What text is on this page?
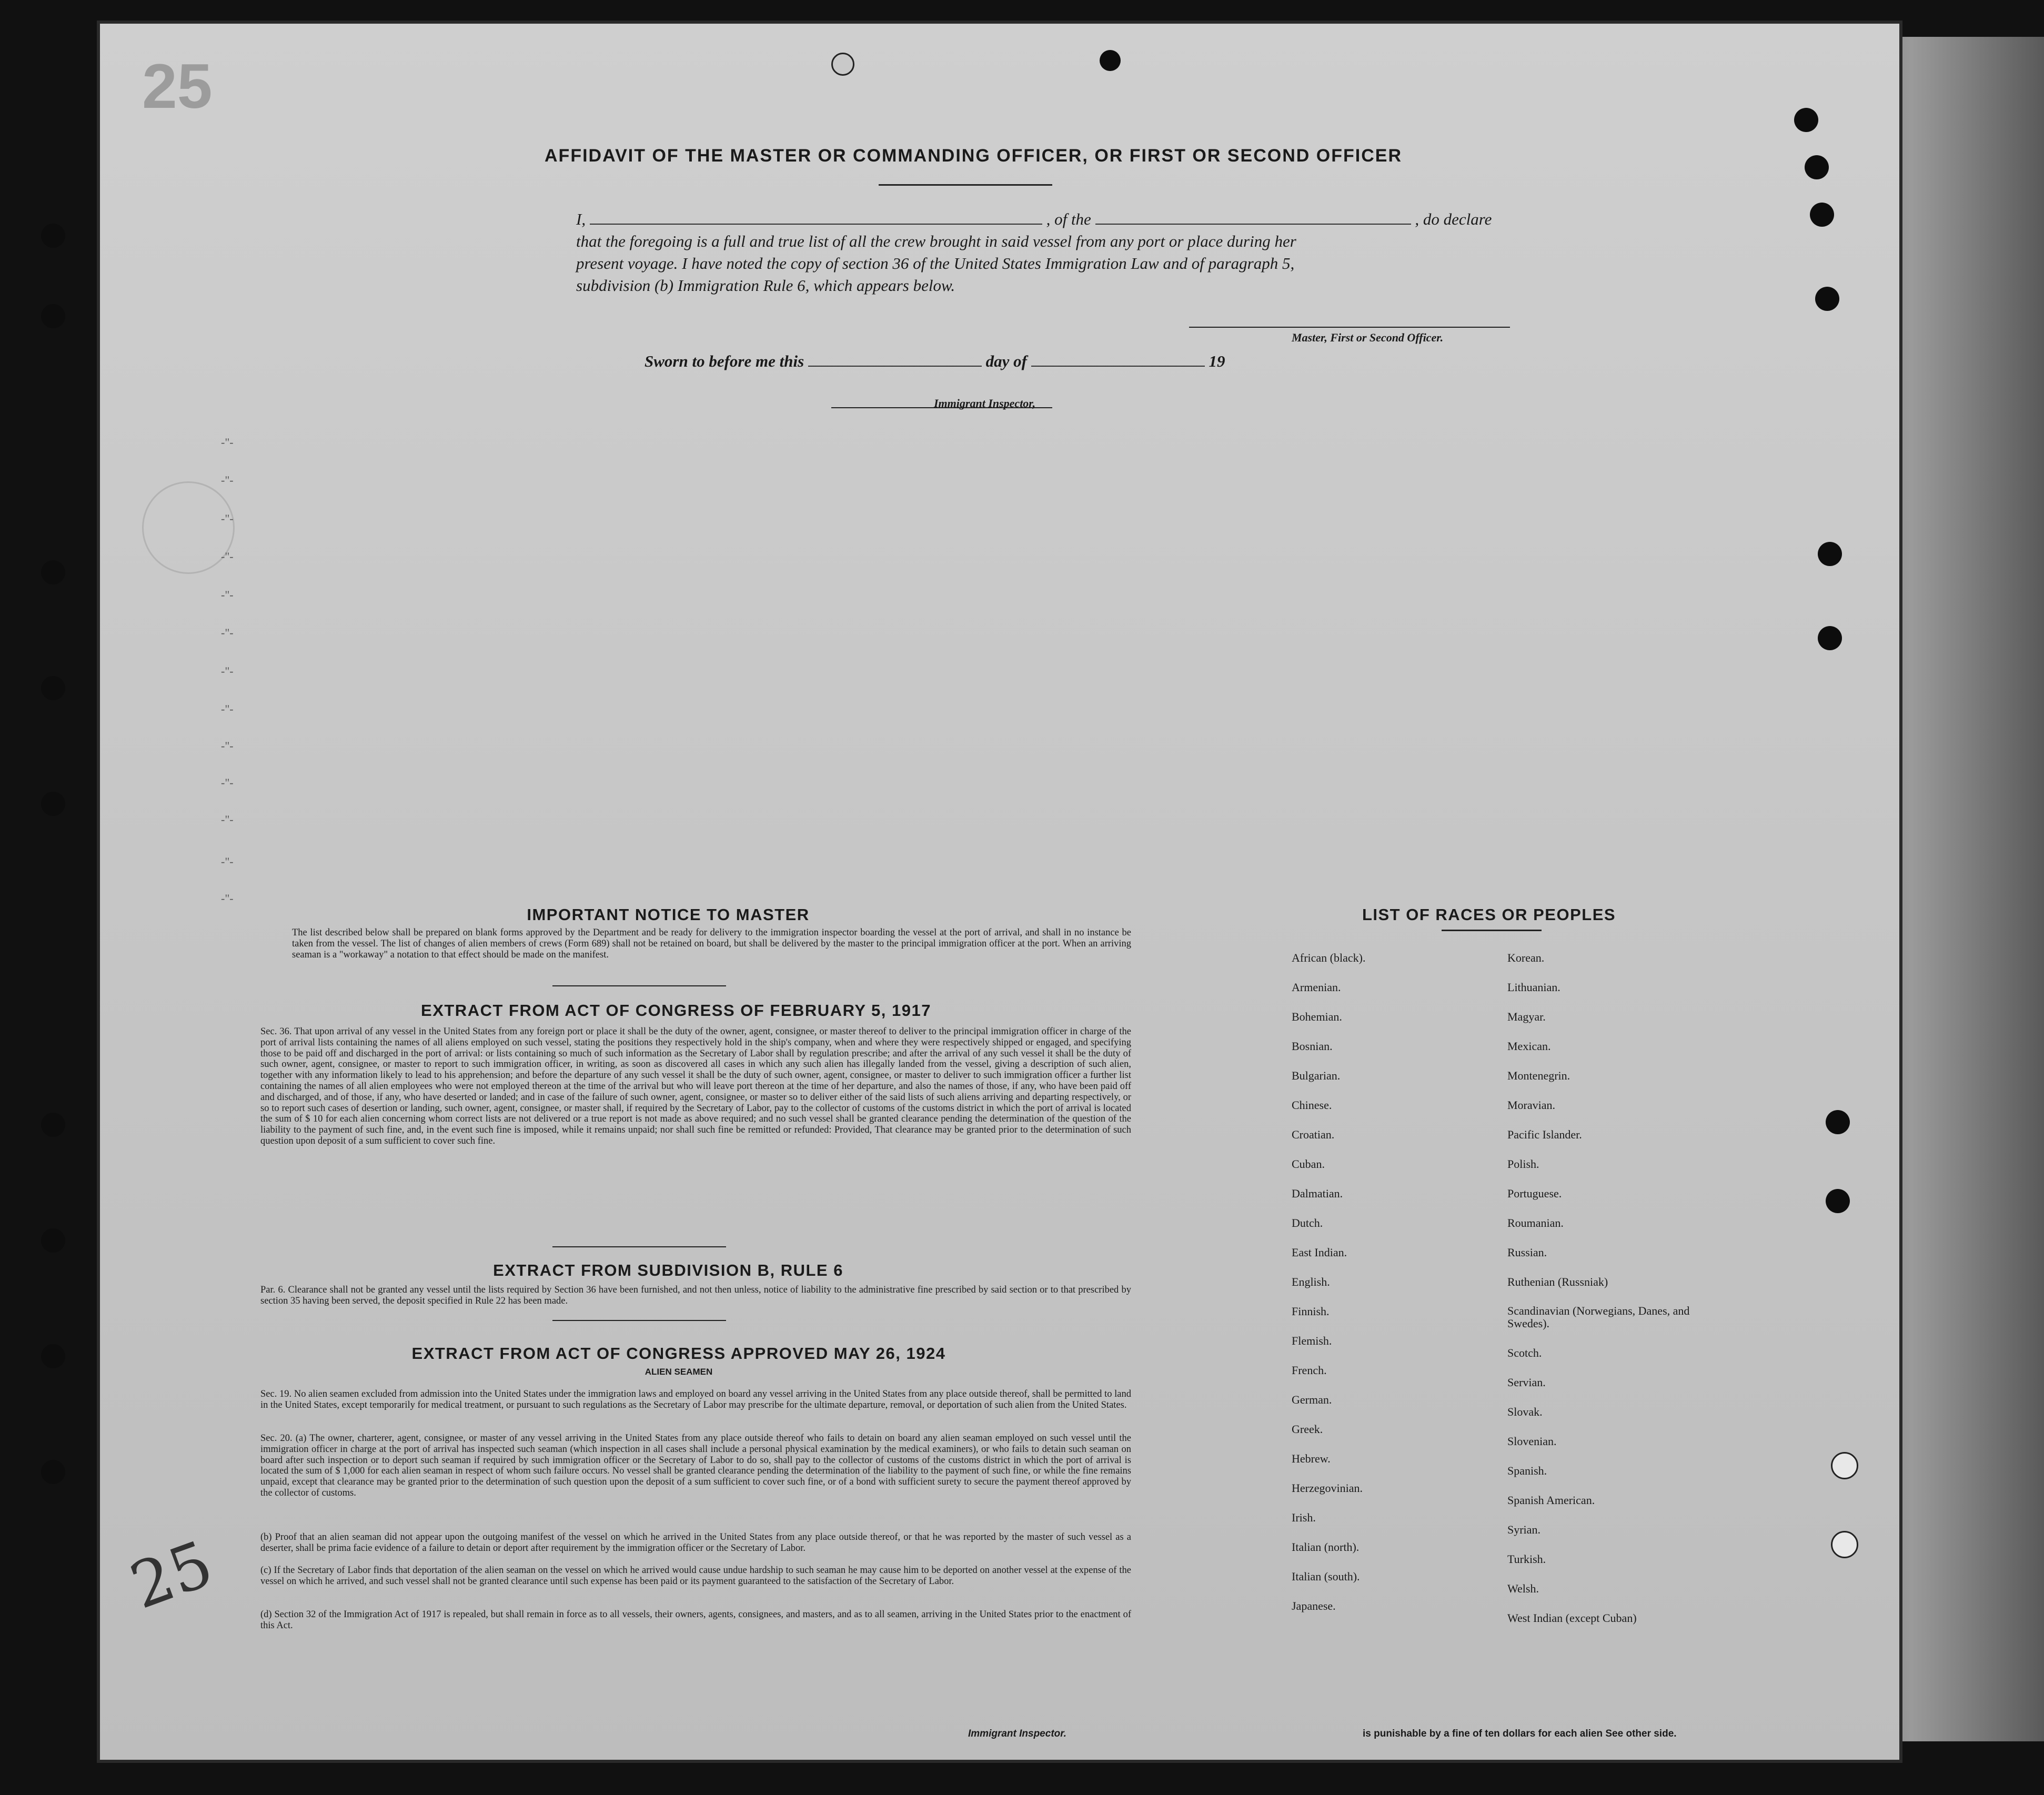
25

AFFIDAVIT OF THE MASTER OR COMMANDING OFFICER, OR FIRST OR SECOND OFFICER
I,	, of the	, do declare
that the foregoing is a full and true list of all the crew brought in said vessel from any port or place during her
present voyage. I have noted the copy of section 36 of the United States Immigration Law and of paragraph 5,
subdivision (b) Immigration Rule 6, which appears below.
Master, First or Second Officer.
Sworn to before me this	day of	19
Immigrant Inspector,
-"-
-"-
-"-
-"-
-"-
-"-
-"-
-"-
-"-
-"-
-"-
-"-
-"-
IMPORTANT NOTICE TO MASTER
The list described below shall be prepared on blank forms approved by the Department and be ready for delivery to the immigration inspector boarding the vessel at the port of arrival, and shall in no instance be taken from the vessel. The list of changes of alien members of crews (Form 689) shall not be retained on board, but shall be delivered by the master to the principal immigration officer at the port. When an arriving seaman is a "workaway" a notation to that effect should be made on the manifest.
EXTRACT FROM ACT OF CONGRESS OF FEBRUARY 5, 1917
Sec. 36. That upon arrival of any vessel in the United States from any foreign port or place it shall be the duty of the owner, agent, consignee, or master thereof to deliver to the principal immigration officer in charge of the port of arrival lists containing the names of all aliens employed on such vessel, stating the positions they respectively hold in the ship's company, when and where they were respectively shipped or engaged, and specifying those to be paid off and discharged in the port of arrival: or lists containing so much of such information as the Secretary of Labor shall by regulation prescribe; and after the arrival of any such vessel it shall be the duty of such owner, agent, consignee, or master to report to such immigration officer, in writing, as soon as discovered all cases in which any such alien has illegally landed from the vessel, giving a description of such alien, together with any information likely to lead to his apprehension; and before the departure of any such vessel it shall be the duty of such owner, agent, consignee, or master to deliver to such immigration officer a further list containing the names of all alien employees who were not employed thereon at the time of the arrival but who will leave port thereon at the time of her departure, and also the names of those, if any, who have been paid off and discharged, and of those, if any, who have deserted or landed; and in case of the failure of such owner, agent, consignee, or master so to deliver either of the said lists of such aliens arriving and departing respectively, or so to report such cases of desertion or landing, such owner, agent, consignee, or master shall, if required by the Secretary of Labor, pay to the collector of customs of the customs district in which the port of arrival is located the sum of $ 10 for each alien concerning whom correct lists are not delivered or a true report is not made as above required; and no such vessel shall be granted clearance pending the determination of the question of the liability to the payment of such fine, and, in the event such fine is imposed, while it remains unpaid; nor shall such fine be remitted or refunded: Provided, That clearance may be granted prior to the determination of such question upon deposit of a sum sufficient to cover such fine.
EXTRACT FROM SUBDIVISION B, RULE 6
Par. 6. Clearance shall not be granted any vessel until the lists required by Section 36 have been furnished, and not then unless, notice of liability to the administrative fine prescribed by said section or to that prescribed by section 35 having been served, the deposit specified in Rule 22 has been made.
EXTRACT FROM ACT OF CONGRESS APPROVED MAY 26, 1924
ALIEN SEAMEN
Sec. 19. No alien seamen excluded from admission into the United States under the immigration laws and employed on board any vessel arriving in the United States from any place outside thereof, shall be permitted to land in the United States, except temporarily for medical treatment, or pursuant to such regulations as the Secretary of Labor may prescribe for the ultimate departure, removal, or deportation of such alien from the United States.
Sec. 20. (a) The owner, charterer, agent, consignee, or master of any vessel arriving in the United States from any place outside thereof who fails to detain on board any alien seaman employed on such vessel until the immigration officer in charge at the port of arrival has inspected such seaman (which inspection in all cases shall include a personal physical examination by the medical examiners), or who fails to detain such seaman on board after such inspection or to deport such seaman if required by such immigration officer or the Secretary of Labor to do so, shall pay to the collector of customs of the customs district in which the port of arrival is located the sum of $ 1,000 for each alien seaman in respect of whom such failure occurs. No vessel shall be granted clearance pending the determination of the liability to the payment of such fine, or while the fine remains unpaid, except that clearance may be granted prior to the determination of such question upon the deposit of a sum sufficient to cover such fine, or of a bond with sufficient surety to secure the payment thereof approved by the collector of customs.
(b) Proof that an alien seaman did not appear upon the outgoing manifest of the vessel on which he arrived in the United States from any place outside thereof, or that he was reported by the master of such vessel as a deserter, shall be prima facie evidence of a failure to detain or deport after requirement by the immigration officer or the Secretary of Labor.
(c) If the Secretary of Labor finds that deportation of the alien seaman on the vessel on which he arrived would cause undue hardship to such seaman he may cause him to be deported on another vessel at the expense of the vessel on which he arrived, and such vessel shall not be granted clearance until such expense has been paid or its payment guaranteed to the satisfaction of the Secretary of Labor.
(d) Section 32 of the Immigration Act of 1917 is repealed, but shall remain in force as to all vessels, their owners, agents, consignees, and masters, and as to all seamen, arriving in the United States prior to the enactment of this Act.
LIST OF RACES OR PEOPLES
African (black).
Armenian.
Bohemian.
Bosnian.
Bulgarian.
Chinese.
Croatian.
Cuban.
Dalmatian.
Dutch.
East Indian.
English.
Finnish.
Flemish.
French.
German.
Greek.
Hebrew.
Herzegovinian.
Irish.
Italian (north).
Italian (south).
Japanese.
Korean.
Lithuanian.
Magyar.
Mexican.
Montenegrin.
Moravian.
Pacific Islander.
Polish.
Portuguese.
Roumanian.
Russian.
Ruthenian (Russniak)
Scandinavian (Norwegians, Danes, and Swedes).
Scotch.
Servian.
Slovak.
Slovenian.
Spanish.
Spanish American.
Syrian.
Turkish.
Welsh.
West Indian (except Cuban)
25

Immigrant Inspector.	is punishable by a fine of ten dollars for each alien See other side.
